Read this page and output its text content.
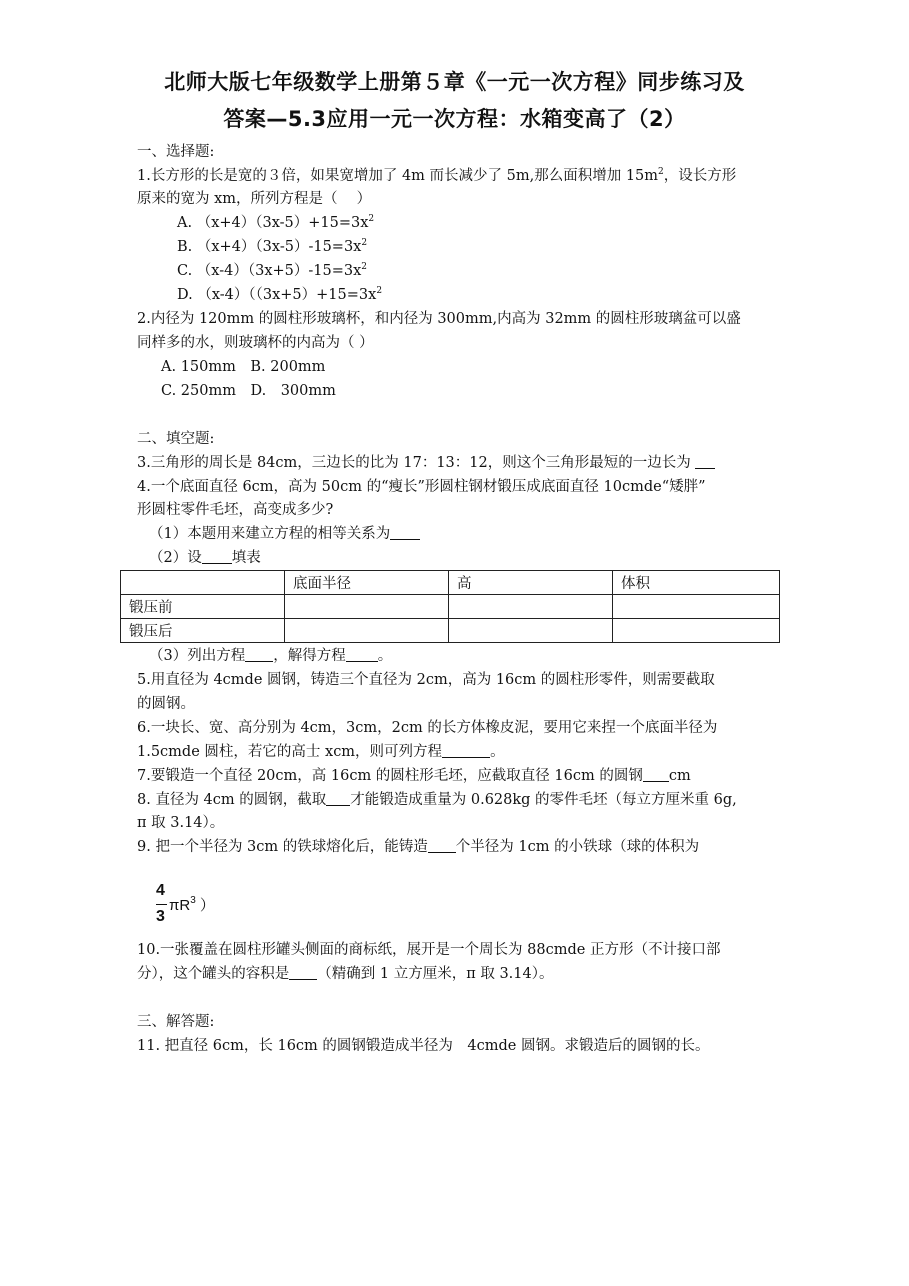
北师大版七年级数学上册第５章《一元一次方程》同步练习及
答案—5.3应用一元一次方程：水箱变高了（2）
一、选择题:
1.长方形的长是宽的３倍，如果宽增加了 4m 而长减少了 5m,那么面积增加 $15m^2$，设长方形
原来的宽为 xm，所列方程是（　 ）
A. $(x+4)(3x-5)+15=3x^2$
B. $(x+4)(3x-5)-15=3x^2$
C. $(x-4)(3x+5)-15=3x^2$
D. $(x-4)((3x+5)+15=3x^2$
2.内径为 120mm 的圆柱形玻璃杯，和内径为 300mm,内高为 32mm 的圆柱形玻璃盆可以盛
同样多的水，则玻璃杯的内高为（ ）
A. 150mm　B. 200mm
C. 250mm　D.　300mm
二、填空题:
3.三角形的周长是 84cm，三边长的比为 17：13：12，则这个三角形最短的一边长为
4.一个底面直径 6cm，高为 50cm 的“瘦长”形圆柱钢材锻压成底面直径 10cmde“矮胖”
形圆柱零件毛坯，高变成多少?
（1）本题用来建立方程的相等关系为
（2）设 填表
	底面半径	高	体积
锻压前			
锻压后			
（3）列出方程 ，解得方程 。
5.用直径为 4cmde 圆钢，铸造三个直径为 2cm，高为 16cm 的圆柱形零件，则需要截取
的圆钢。
6.一块长、宽、高分别为 4cm，3cm，2cm 的长方体橡皮泥，要用它来捏一个底面半径为
1.5cmde 圆柱，若它的高士 xcm，则可列方程	。
7.要锻造一个直径 20cm，高 16cm 的圆柱形毛坯，应截取直径 16cm 的圆钢 cm
8. 直径为 4cm 的圆钢，截取 才能锻造成重量为 0.628kg 的零件毛坯（每立方厘米重 6g,
π 取 3.14）。
9. 把一个半径为 3cm 的铁球熔化后，能铸造 个半径为 1cm 的小铁球（球的体积为
4
3
$\pi R^3$ ）
10.一张覆盖在圆柱形罐头侧面的商标纸，展开是一个周长为 88cmde 正方形（不计接口部
分），这个罐头的容积是 （精确到 1 立方厘米，π 取 3.14）。
三、解答题:
11. 把直径 6cm，长 16cm 的圆钢锻造成半径为　4cmde 圆钢。求锻造后的圆钢的长。
